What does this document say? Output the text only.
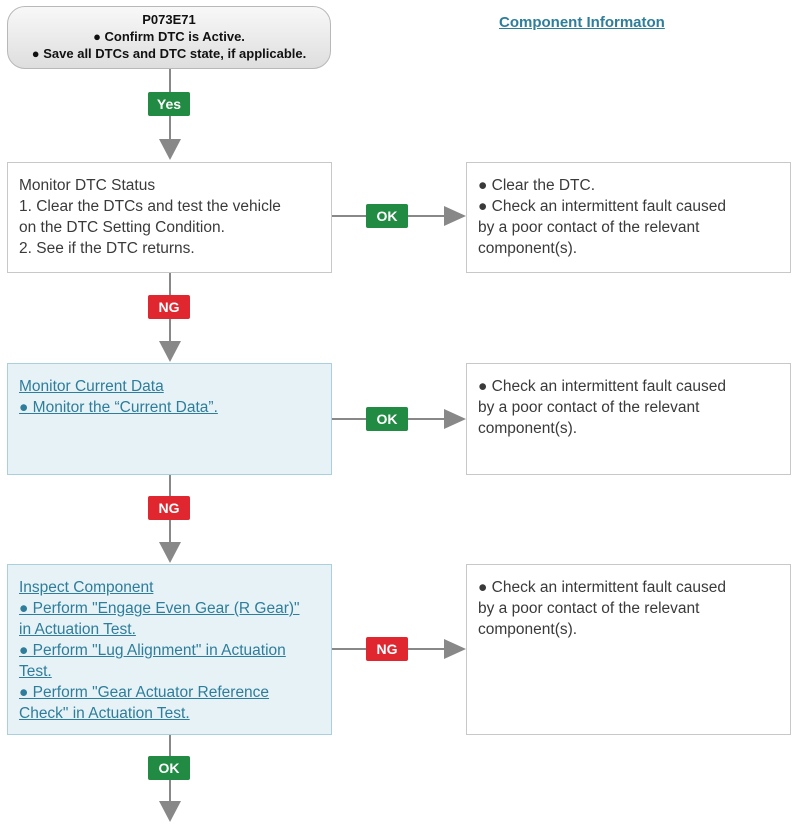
P073E71
● Confirm DTC is Active.
● Save all DTCs and DTC state, if applicable.
Component Informaton
Yes
OK
NG
OK
NG
NG
OK
Monitor DTC Status
1. Clear the DTCs and test the vehicle
on the DTC Setting Condition.
2. See if the DTC returns.
● Clear the DTC.
● Check an intermittent fault caused
by a poor contact of the relevant
component(s).
Monitor Current Data
● Monitor the “Current Data”.
● Check an intermittent fault caused
by a poor contact of the relevant
component(s).
Inspect Component
● Perform "Engage Even Gear (R Gear)"
in Actuation Test.
● Perform "Lug Alignment" in Actuation
Test.
● Perform "Gear Actuator Reference
Check" in Actuation Test.
● Check an intermittent fault caused
by a poor contact of the relevant
component(s).
